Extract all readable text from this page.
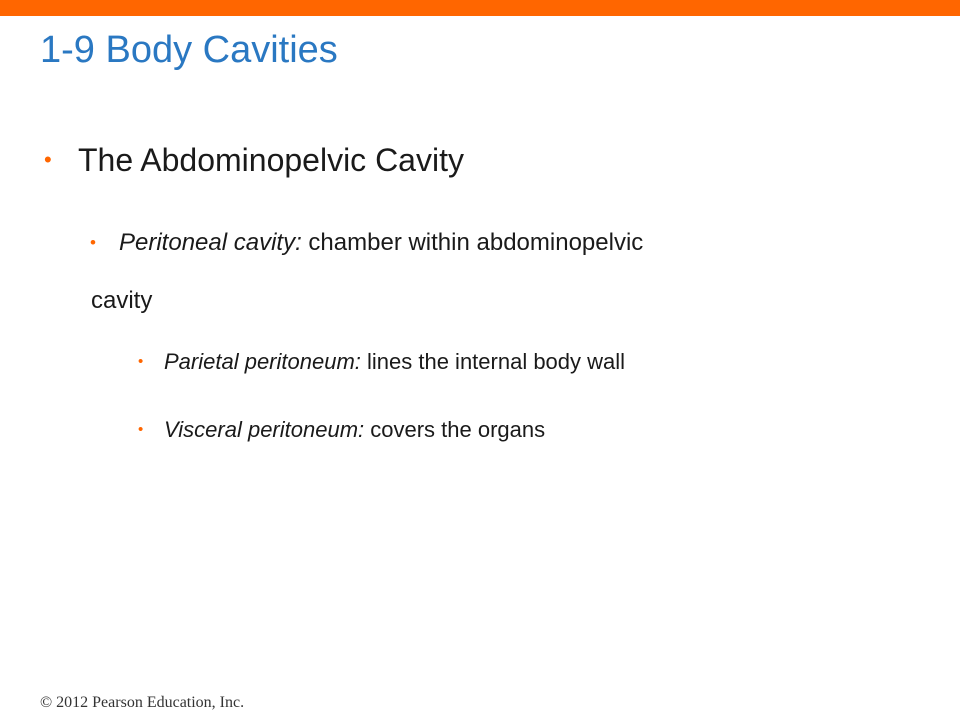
1-9 Body Cavities
• The Abdominopelvic Cavity
• Peritoneal cavity: chamber within abdominopelvic
cavity
• Parietal peritoneum: lines the internal body wall
• Visceral peritoneum: covers the organs

© 2012 Pearson Education, Inc.
